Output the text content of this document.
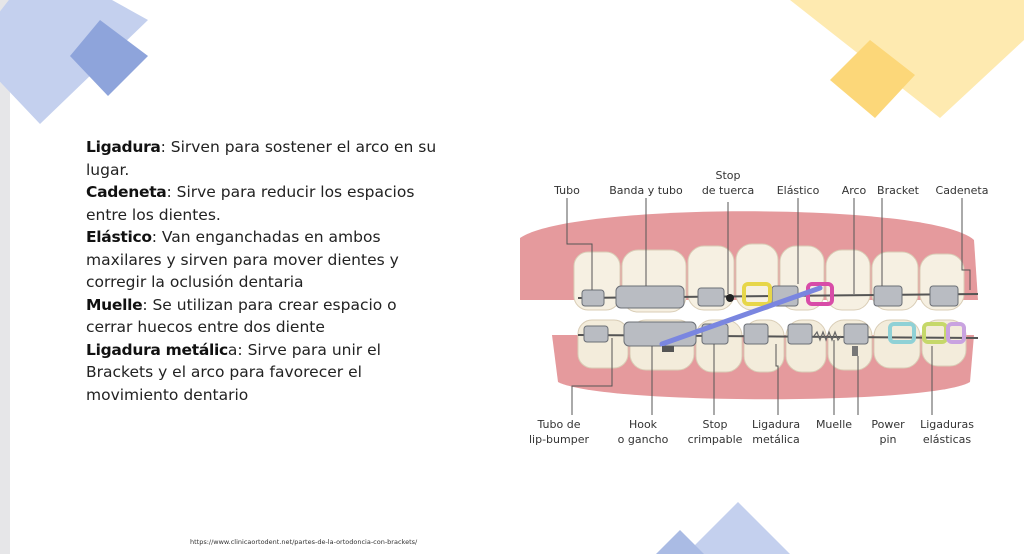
Ligadura: Sirven para sostener el arco en su lugar.

Cadeneta: Sirve para reducir los espacios entre los dientes.

Elástico: Van enganchadas en ambos maxilares y sirven para mover dientes y corregir la oclusión dentaria

Muelle: Se utilizan para crear espacio o cerrar huecos entre dos diente

Ligadura metálica: Sirve para unir el Brackets y el arco para favorecer el movimiento dentario

Tubo	Banda y tubo
Stop
de tuerca Elástico Arco Bracket Cadeneta
Tubo de
lip-bumper
Hook
o gancho
Stop
crimpable
Ligadura
metálica
Muelle Power
pin
Ligaduras
elásticas
https://www.clinicaortodent.net/partes-de-la-ortodoncia-con-brackets/
